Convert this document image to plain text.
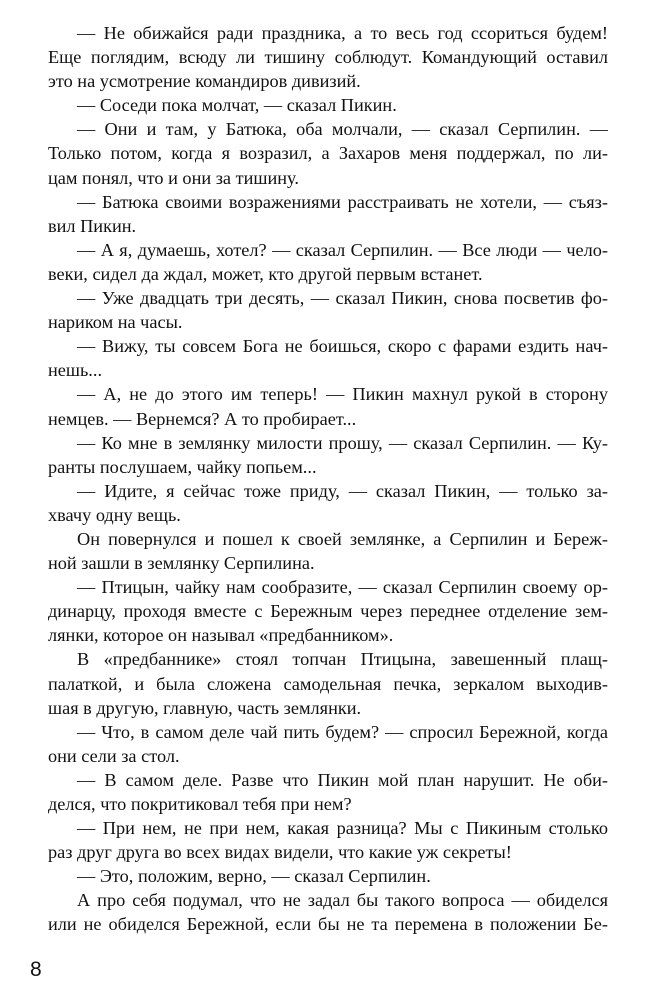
— Не обижайся ради праздника, а то весь год ссориться будем!
Еще поглядим, всюду ли тишину соблюдут. Командующий оставил
это на усмотрение командиров дивизий.
— Соседи пока молчат, — сказал Пикин.
— Они и там, у Батюка, оба молчали, — сказал Серпилин. —
Только потом, когда я возразил, а Захаров меня поддержал, по ли-
цам понял, что и они за тишину.
— Батюка своими возражениями расстраивать не хотели, — съяз-
вил Пикин.
— А я, думаешь, хотел? — сказал Серпилин. — Все люди — чело-
веки, сидел да ждал, может, кто другой первым встанет.
— Уже двадцать три десять, — сказал Пикин, снова посветив фо-
нариком на часы.
— Вижу, ты совсем Бога не боишься, скоро с фарами ездить нач-
нешь...
— А, не до этого им теперь! — Пикин махнул рукой в сторону
немцев. — Вернемся? А то пробирает...
— Ко мне в землянку милости прошу, — сказал Серпилин. — Ку-
ранты послушаем, чайку попьем...
— Идите, я сейчас тоже приду, — сказал Пикин, — только за-
хвачу одну вещь.
Он повернулся и пошел к своей землянке, а Серпилин и Береж-
ной зашли в землянку Серпилина.
— Птицын, чайку нам сообразите, — сказал Серпилин своему ор-
динарцу, проходя вместе с Бережным через переднее отделение зем-
лянки, которое он называл «предбанником».
В «предбаннике» стоял топчан Птицына, завешенный плащ-
палаткой, и была сложена самодельная печка, зеркалом выходив-
шая в другую, главную, часть землянки.
— Что, в самом деле чай пить будем? — спросил Бережной, когда
они сели за стол.
— В самом деле. Разве что Пикин мой план нарушит. Не оби-
делся, что покритиковал тебя при нем?
— При нем, не при нем, какая разница? Мы с Пикиным столько
раз друг друга во всех видах видели, что какие уж секреты!
— Это, положим, верно, — сказал Серпилин.
А про себя подумал, что не задал бы такого вопроса — обиделся
или не обиделся Бережной, если бы не та перемена в положении Бе-
8
